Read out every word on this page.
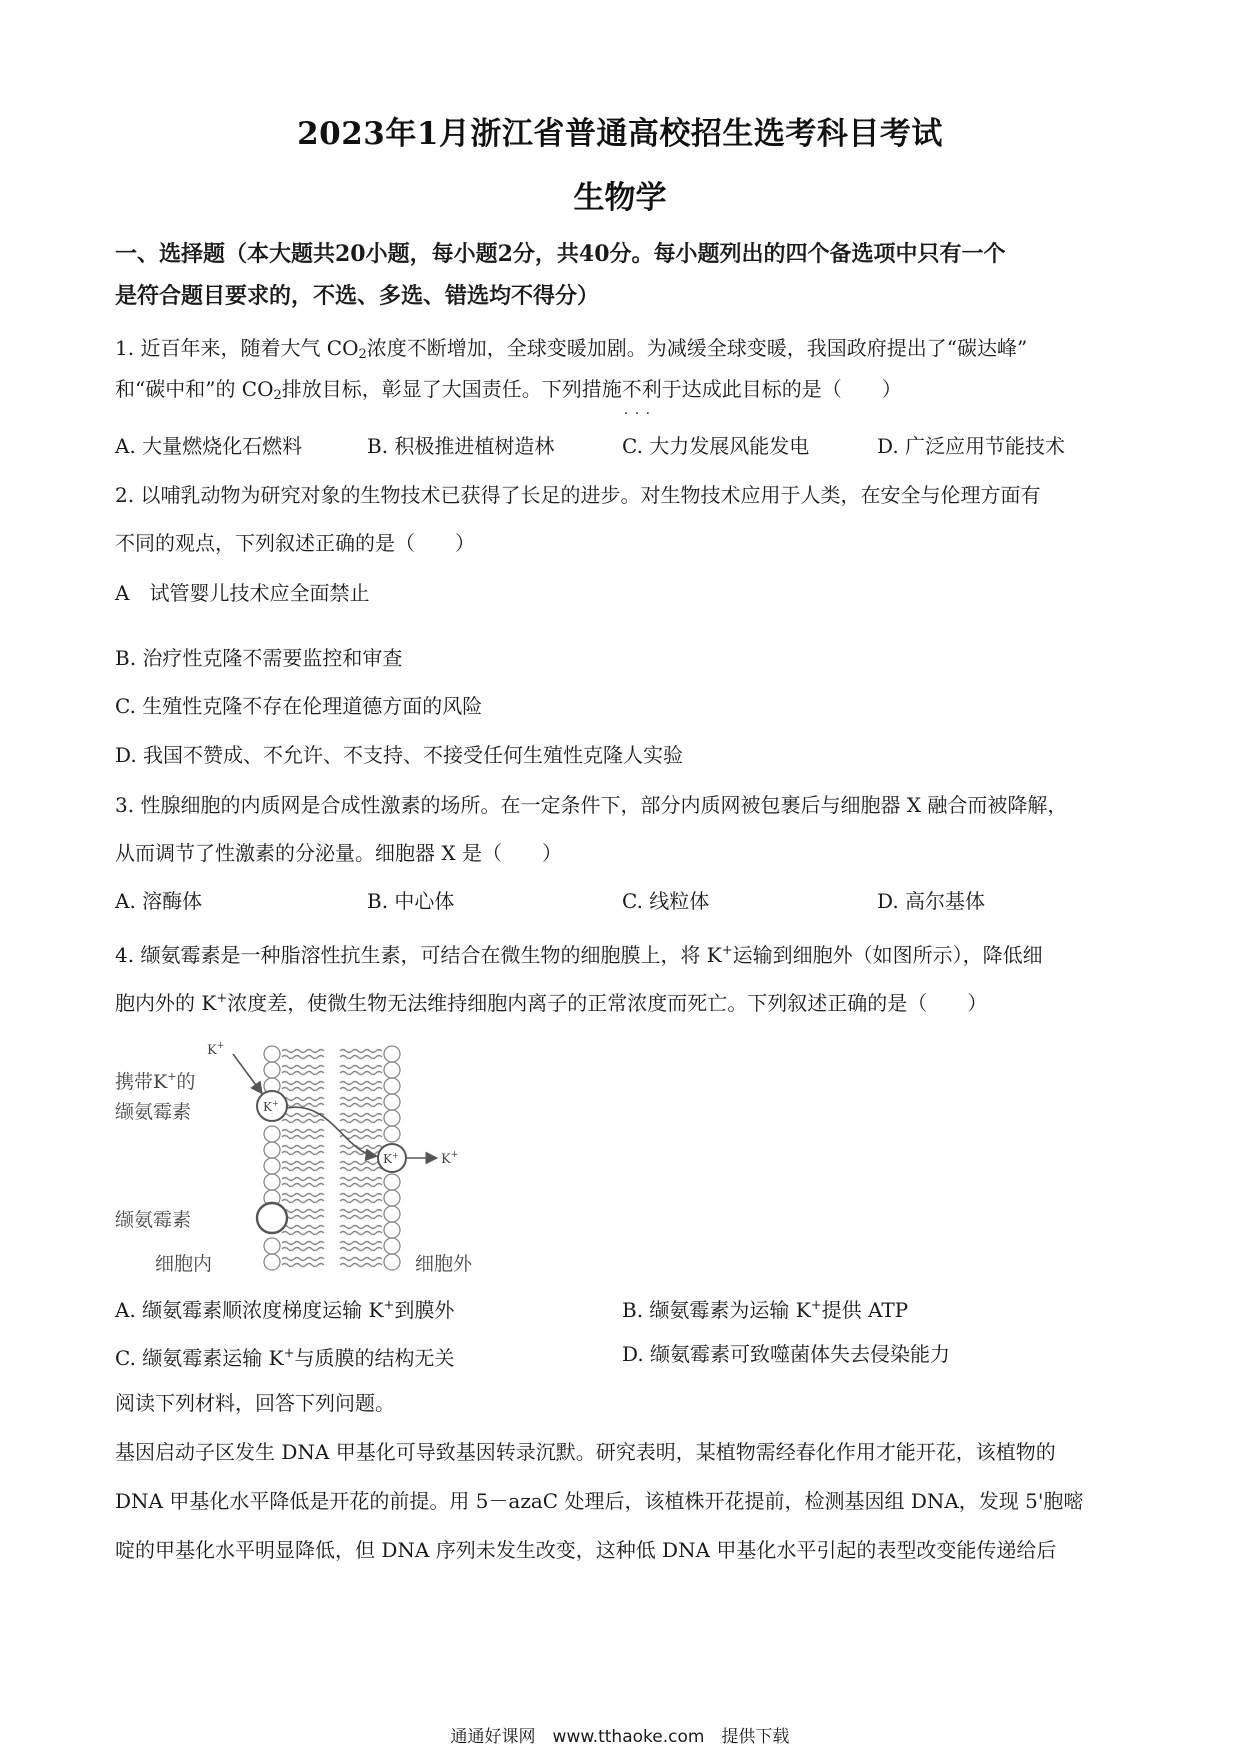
2023年1月浙江省普通高校招生选考科目考试
生物学
一、选择题（本大题共20小题，每小题2分，共40分。每小题列出的四个备选项中只有一个
是符合题目要求的，不选、多选、错选均不得分）
1. 近百年来，随着大气 $CO_2$浓度不断增加，全球变暖加剧。为减缓全球变暖，我国政府提出了“碳达峰”
和“碳中和”的 $CO_2$排放目标，彰显了大国责任。下列措施不利于 · · ·达成此目标的是（　　）
A. 大量燃烧化石燃料	B. 积极推进植树造林	C. 大力发展风能发电	D. 广泛应用节能技术
2. 以哺乳动物为研究对象的生物技术已获得了长足的进步。对生物技术应用于人类，在安全与伦理方面有
不同的观点，下列叙述正确的是（　　）
A　试管婴儿技术应全面禁止
B. 治疗性克隆不需要监控和审查
C. 生殖性克隆不存在伦理道德方面的风险
D. 我国不赞成、不允许、不支持、不接受任何生殖性克隆人实验
3. 性腺细胞的内质网是合成性激素的场所。在一定条件下，部分内质网被包裹后与细胞器 X 融合而被降解，
从而调节了性激素的分泌量。细胞器 X 是（　　）
A. 溶酶体	B. 中心体	C. 线粒体	D. 高尔基体
4. 缬氨霉素是一种脂溶性抗生素，可结合在微生物的细胞膜上，将 K+运输到细胞外（如图所示），降低细
胞内外的 K+浓度差，使微生物无法维持细胞内离子的正常浓度而死亡。下列叙述正确的是（　　）
K+
K+
K+	K+
携带K+的
缬氨霉素
缬氨霉素
细胞内	细胞外
A. 缬氨霉素顺浓度梯度运输 K+到膜外	B. 缬氨霉素为运输 K+提供 ATP
C. 缬氨霉素运输 K+与质膜的结构无关	D. 缬氨霉素可致噬菌体失去侵染能力
阅读下列材料，回答下列问题。
基因启动子区发生 DNA 甲基化可导致基因转录沉默。研究表明，某植物需经春化作用才能开花，该植物的
DNA 甲基化水平降低是开花的前提。用 5－azaC 处理后，该植株开花提前，检测基因组 DNA，发现 5'胞嘧
啶的甲基化水平明显降低，但 DNA 序列未发生改变，这种低 DNA 甲基化水平引起的表型改变能传递给后
通通好课网　www.tthaoke.com　提供下载
